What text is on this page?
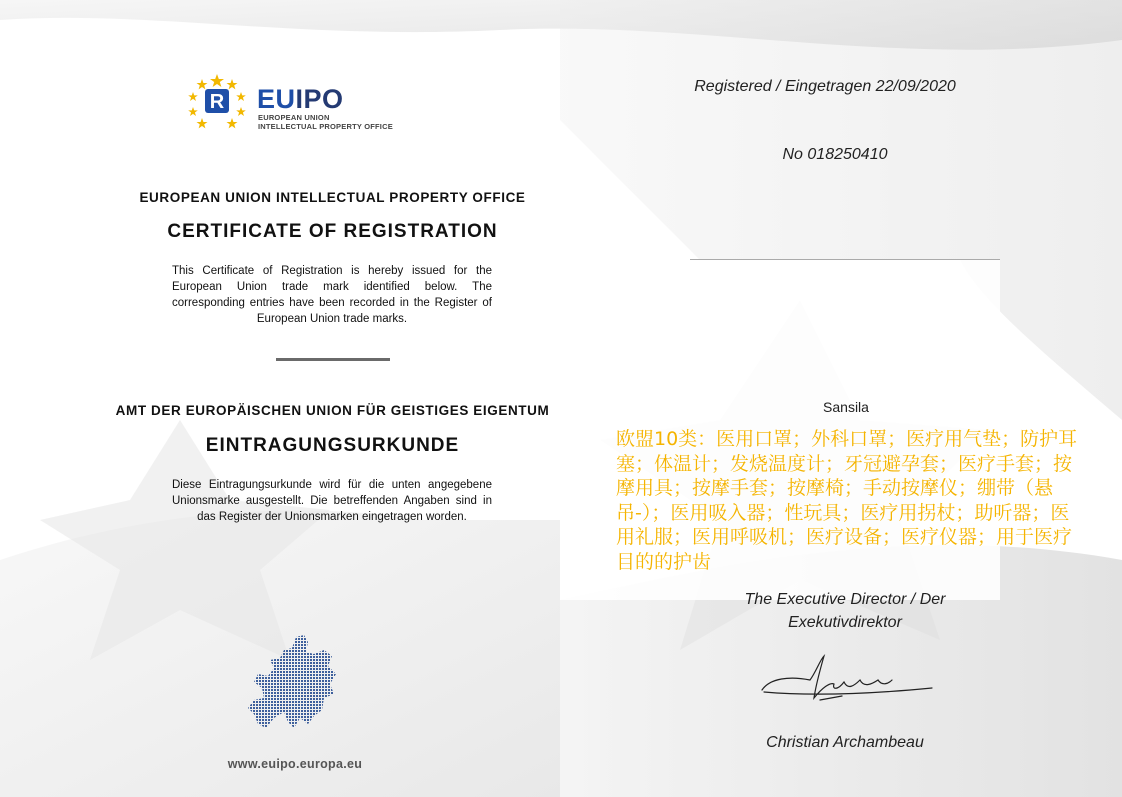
R EUIPO
EUROPEAN UNION
INTELLECTUAL PROPERTY OFFICE
EUROPEAN UNION INTELLECTUAL PROPERTY OFFICE
CERTIFICATE OF REGISTRATION
This Certificate of Registration is hereby issued for the European Union trade mark identified below. The corresponding entries have been recorded in the Register of European Union trade marks.
AMT DER EUROPÄISCHEN UNION FÜR GEISTIGES EIGENTUM
EINTRAGUNGSURKUNDE
Diese Eintragungsurkunde wird für die unten angegebene Unionsmarke ausgestellt. Die betreffenden Angaben sind in das Register der Unionsmarken eingetragen worden.
www.euipo.europa.eu
Registered / Eingetragen 22/09/2020
No 018250410
Sansila
The Executive Director / Der
Exekutivdirektor
Christian Archambeau
欧盟10类：医用口罩；外科口罩；医疗用气垫；防护耳塞；体温计；发烧温度计；牙冠避孕套；医疗手套；按摩用具；按摩手套；按摩椅；手动按摩仪；绷带（悬吊-）；医用吸入器；性玩具；医疗用拐杖；助听器；医用礼服；医用呼吸机；医疗设备；医疗仪器；用于医疗目的的护齿
